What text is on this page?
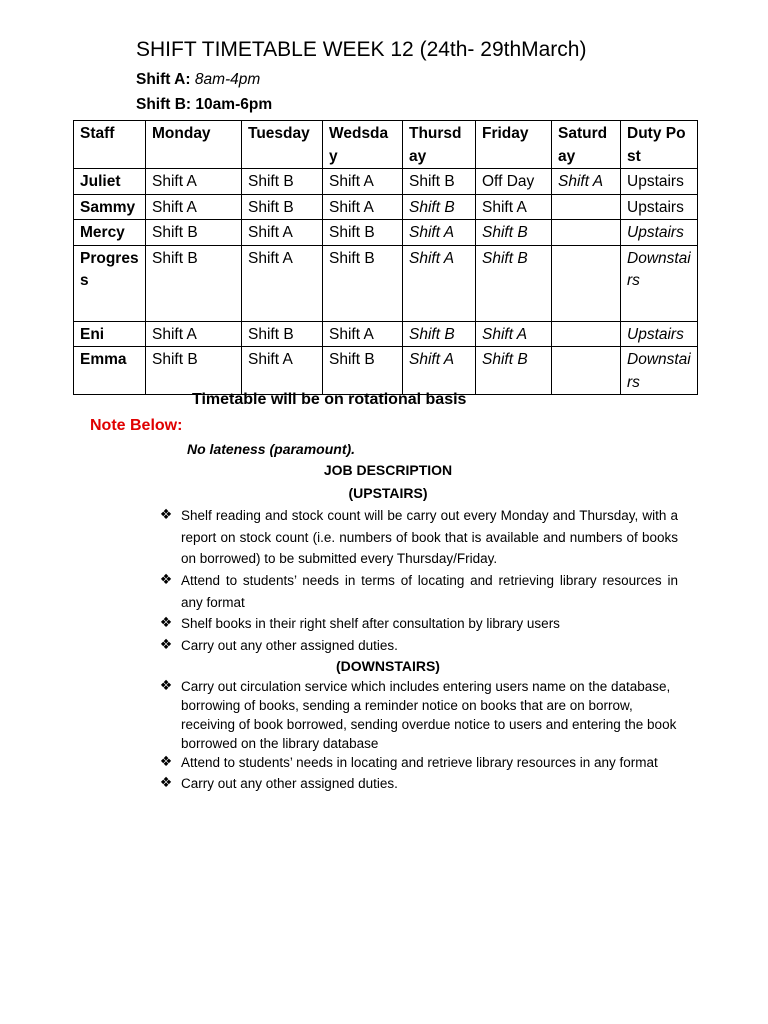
SHIFT TIMETABLE WEEK 12 (24th- 29thMarch)
Shift A: 8am-4pm
Shift B: 10am-6pm
Staff	Monday	Tuesday	Wedsday	Thursday	Friday	Saturday	Duty Post
Juliet	Shift A	Shift B	Shift A	Shift B	Off Day	Shift A	Upstairs
Sammy	Shift A	Shift B	Shift A	Shift B	Shift A		Upstairs
Mercy	Shift B	Shift A	Shift B	Shift A	Shift B		Upstairs
Progress	Shift B	Shift A	Shift B	Shift A	Shift B		Downstairs
Eni	Shift A	Shift B	Shift A	Shift B	Shift A		Upstairs
Emma	Shift B	Shift A	Shift B	Shift A	Shift B		Downstairs
Timetable will be on rotational basis
Note Below:
No lateness (paramount).
JOB DESCRIPTION
(UPSTAIRS)
❖ Shelf reading and stock count will be carry out every Monday and Thursday, with a report on stock count (i.e. numbers of book that is available and numbers of books on borrowed) to be submitted every Thursday/Friday.
❖ Attend to students’ needs in terms of locating and retrieving library resources in any format
❖ Shelf books in their right shelf after consultation by library users
❖ Carry out any other assigned duties.
(DOWNSTAIRS)
❖ Carry out circulation service which includes entering users name on the database, borrowing of books, sending a reminder notice on books that are on borrow, receiving of book borrowed, sending overdue notice to users and entering the book borrowed on the library database
❖ Attend to students’ needs in locating and retrieve library resources in any format
❖ Carry out any other assigned duties.
